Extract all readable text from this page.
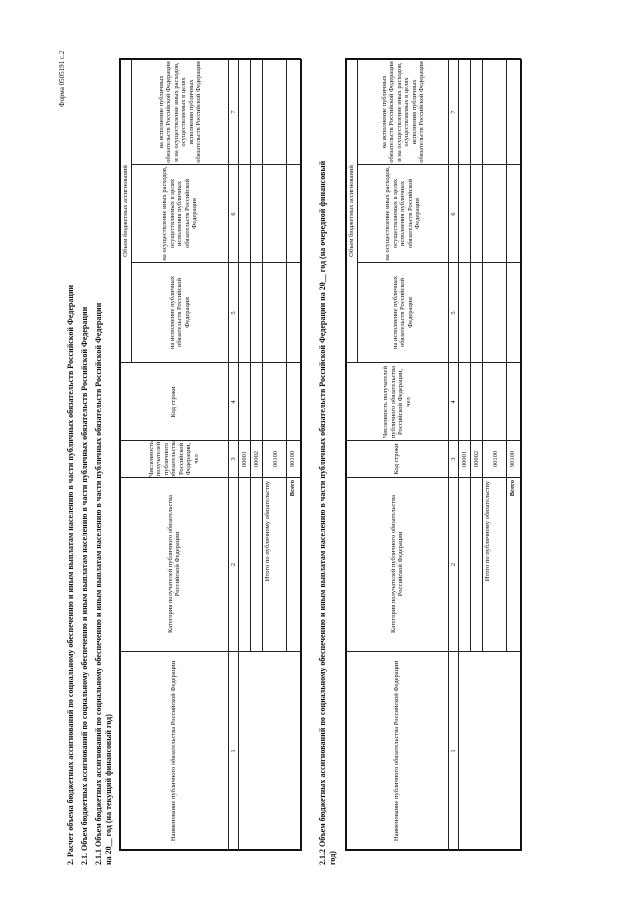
Форма 0505191 с.2
2. Расчет объема бюджетных ассигнований по социальному обеспечению и иным выплатам населению в части публичных обязательств Российской Федерации 2.1. Объем бюджетных ассигнований по социальному обеспечению и иным выплатам населению в части публичных обязательств Российской Федерации 2.1.1 Объем бюджетных ассигнований по социальному обеспечению и иным выплатам населению в части публичных обязательств Российской Федерации на 20__ год (на текущий финансовый год)	Наименование публичного обязательства Российской Федерации
Категория получателей публичного обязательства Российской Федерации
Код строки
Численность получателей публичного обязательства Российской Федерации, чел
Объем бюджетных ассигнований
на исполнение публичных обязательств Российской Федерации
на осуществление иных расходов, осуществляемых в целях исполнения публичных обязательств Российской Федерации
на исполнение публичных обязательств Российской Федерации и на осуществление иных расходов, осуществляемых в целях исполнения публичных обязательств Российской Федерации
1
2
3
4
5
6
7
00001 00002
Итого по публичному обязательству
00100
Всего
90100	2.1.2 Объем бюджетных ассигнований по социальному обеспечению и иным выплатам населению в части публичных обязательств Российской Федерации на 20__ год (на очередной финансовый год)
Наименование публичного обязательства Российской Федерации
Категория получателей публичного обязательства Российской Федерации
Код строки
Численность получателей публичного обязательства Российской Федерации, чел
Объем бюджетных ассигнований
на исполнение публичных обязательств Российской Федерации
на осуществление иных расходов, осуществляемых в целях исполнения публичных обязательств Российской Федерации
на исполнение публичных обязательств Российской Федерации и на осуществление иных расходов, осуществляемых в целях исполнения публичных обязательств Российской Федерации
1
2
3
4
5
6
7
00001 00002
Итого по публичному обязательству
00100
Всего
90100
